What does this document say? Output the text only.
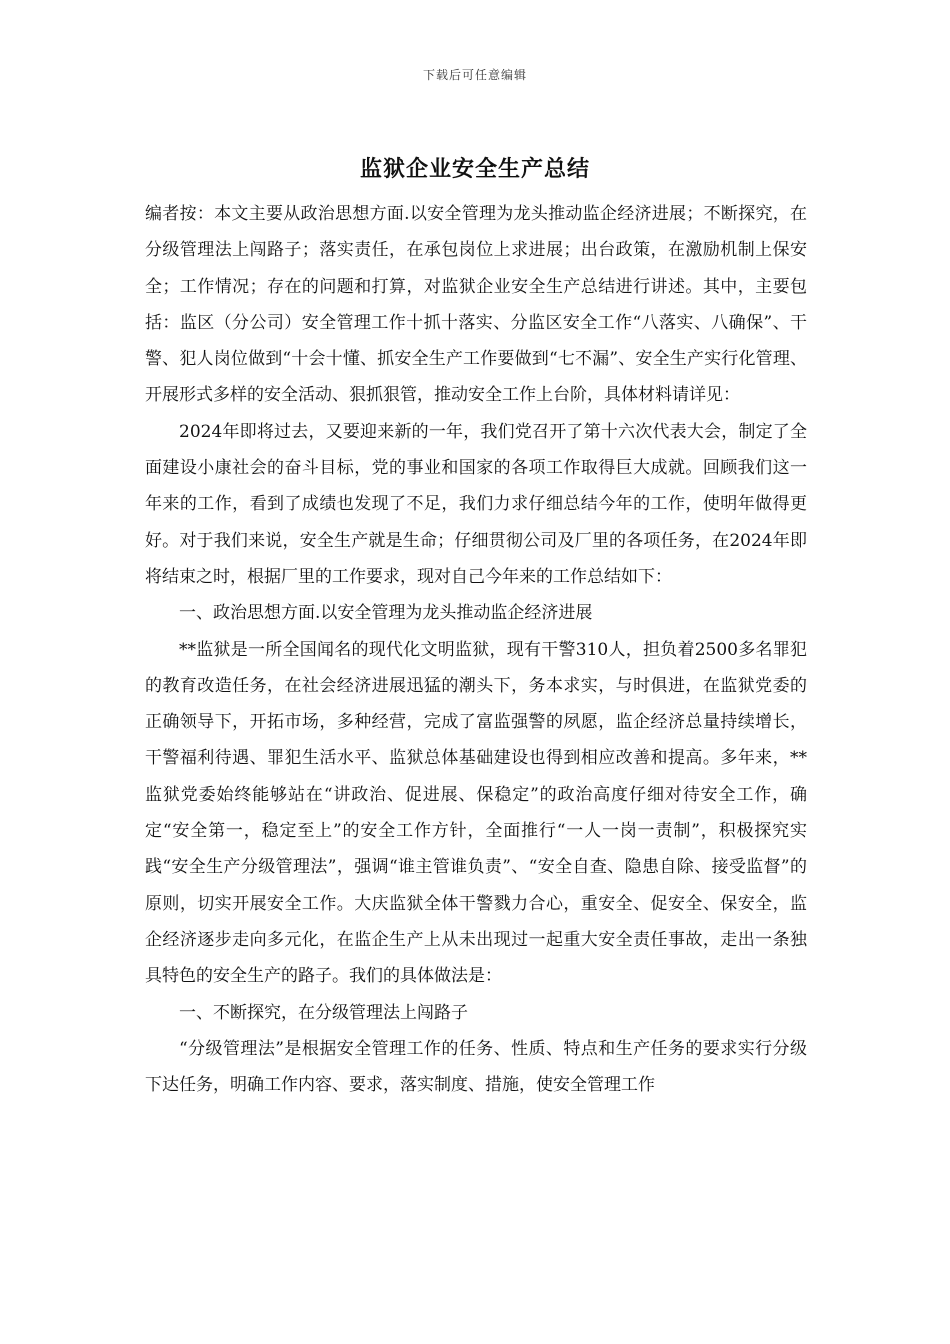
下载后可任意编辑
监狱企业安全生产总结

编者按：本文主要从政治思想方面.以安全管理为龙头推动监企经济进展；不断探究，在分级管理法上闯路子；落实责任，在承包岗位上求进展；出台政策，在激励机制上保安全；工作情况；存在的问题和打算，对监狱企业安全生产总结进行讲述。其中，主要包括：监区（分公司）安全管理工作十抓十落实、分监区安全工作“八落实、八确保”、干警、犯人岗位做到“十会十懂、抓安全生产工作要做到“七不漏”、安全生产实行化管理、开展形式多样的安全活动、狠抓狠管，推动安全工作上台阶，具体材料请详见：

2024年即将过去，又要迎来新的一年，我们党召开了第十六次代表大会，制定了全面建设小康社会的奋斗目标，党的事业和国家的各项工作取得巨大成就。回顾我们这一年来的工作，看到了成绩也发现了不足，我们力求仔细总结今年的工作，使明年做得更好。对于我们来说，安全生产就是生命；仔细贯彻公司及厂里的各项任务，在2024年即将结束之时，根据厂里的工作要求，现对自己今年来的工作总结如下：

一、政治思想方面.以安全管理为龙头推动监企经济进展

**监狱是一所全国闻名的现代化文明监狱，现有干警310人，担负着2500多名罪犯的教育改造任务，在社会经济进展迅猛的潮头下，务本求实，与时俱进，在监狱党委的正确领导下，开拓市场，多种经营，完成了富监强警的夙愿，监企经济总量持续增长，干警福利待遇、罪犯生活水平、监狱总体基础建设也得到相应改善和提高。多年来，**监狱党委始终能够站在“讲政治、促进展、保稳定”的政治高度仔细对待安全工作，确定“安全第一，稳定至上”的安全工作方针，全面推行“一人一岗一责制”，积极探究实践“安全生产分级管理法”，强调“谁主管谁负责”、“安全自查、隐患自除、接受监督”的原则，切实开展安全工作。大庆监狱全体干警戮力合心，重安全、促安全、保安全，监企经济逐步走向多元化，在监企生产上从未出现过一起重大安全责任事故，走出一条独具特色的安全生产的路子。我们的具体做法是：

一、不断探究，在分级管理法上闯路子

“分级管理法”是根据安全管理工作的任务、性质、特点和生产任务的要求实行分级下达任务，明确工作内容、要求，落实制度、措施，使安全管理工作
